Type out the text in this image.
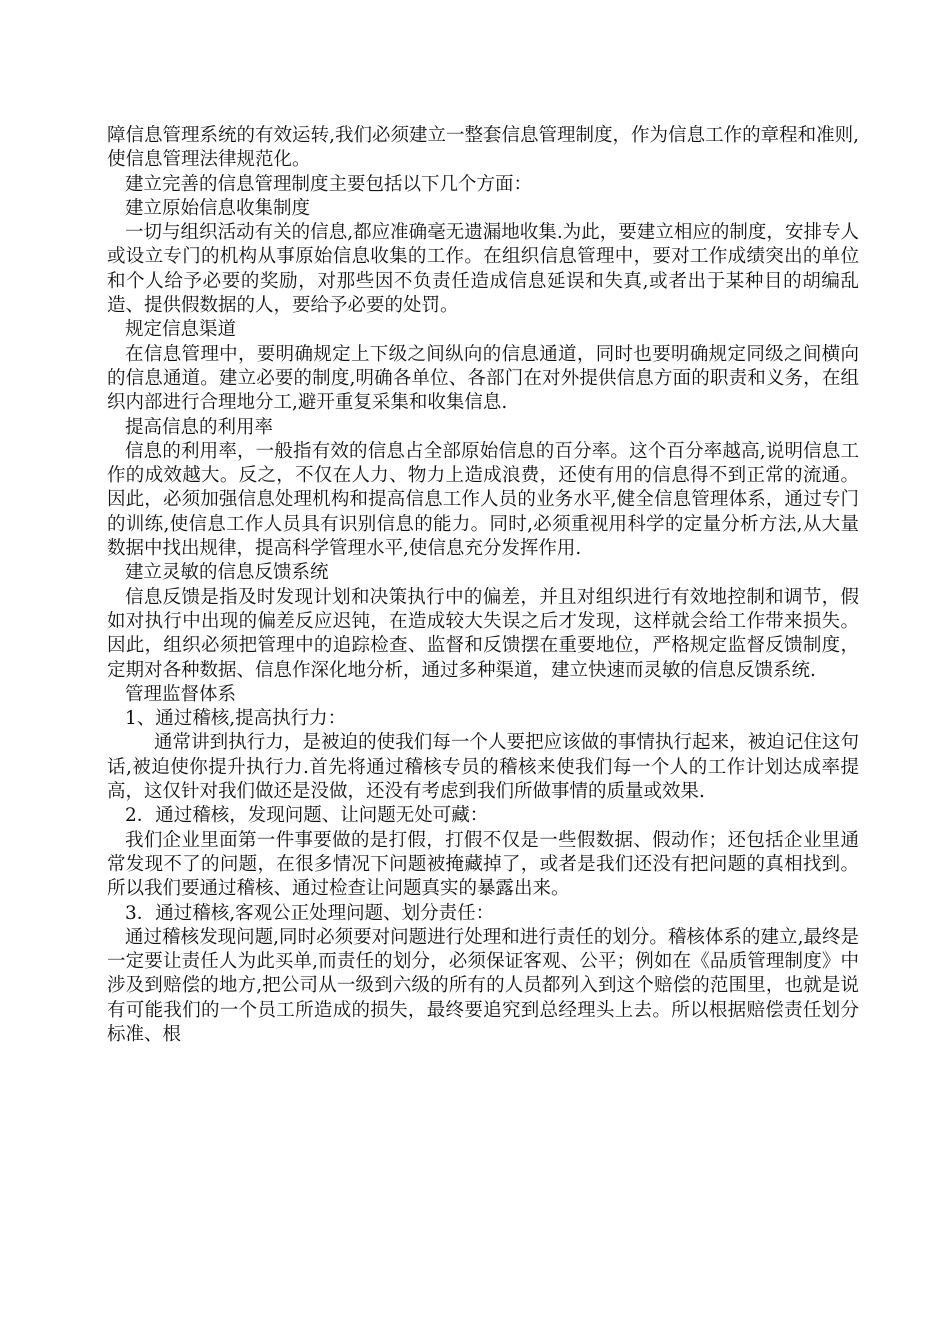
障信息管理系统的有效运转,我们必须建立一整套信息管理制度，作为信息工作的章程和准则,使信息管理法律规范化。

建立完善的信息管理制度主要包括以下几个方面：

建立原始信息收集制度

一切与组织活动有关的信息,都应准确毫无遗漏地收集.为此，要建立相应的制度，安排专人或设立专门的机构从事原始信息收集的工作。在组织信息管理中，要对工作成绩突出的单位和个人给予必要的奖励，对那些因不负责任造成信息延误和失真,或者出于某种目的胡编乱造、提供假数据的人，要给予必要的处罚。

规定信息渠道

在信息管理中，要明确规定上下级之间纵向的信息通道，同时也要明确规定同级之间横向的信息通道。建立必要的制度,明确各单位、各部门在对外提供信息方面的职责和义务，在组织内部进行合理地分工,避开重复采集和收集信息.

提高信息的利用率

信息的利用率，一般指有效的信息占全部原始信息的百分率。这个百分率越高,说明信息工作的成效越大。反之，不仅在人力、物力上造成浪费，还使有用的信息得不到正常的流通。因此，必须加强信息处理机构和提高信息工作人员的业务水平,健全信息管理体系，通过专门的训练,使信息工作人员具有识别信息的能力。同时,必须重视用科学的定量分析方法,从大量数据中找出规律，提高科学管理水平,使信息充分发挥作用.

建立灵敏的信息反馈系统

信息反馈是指及时发现计划和决策执行中的偏差，并且对组织进行有效地控制和调节，假如对执行中出现的偏差反应迟钝，在造成较大失误之后才发现，这样就会给工作带来损失。因此，组织必须把管理中的追踪检查、监督和反馈摆在重要地位，严格规定监督反馈制度，定期对各种数据、信息作深化地分析，通过多种渠道，建立快速而灵敏的信息反馈系统.

管理监督体系

1、通过稽核,提高执行力：

通常讲到执行力，是被迫的使我们每一个人要把应该做的事情执行起来，被迫记住这句话,被迫使你提升执行力.首先将通过稽核专员的稽核来使我们每一个人的工作计划达成率提高，这仅针对我们做还是没做，还没有考虑到我们所做事情的质量或效果.

2．通过稽核，发现问题、让问题无处可藏：

我们企业里面第一件事要做的是打假，打假不仅是一些假数据、假动作；还包括企业里通常发现不了的问题，在很多情况下问题被掩藏掉了，或者是我们还没有把问题的真相找到。所以我们要通过稽核、通过检查让问题真实的暴露出来。

3．通过稽核,客观公正处理问题、划分责任：

通过稽核发现问题,同时必须要对问题进行处理和进行责任的划分。稽核体系的建立,最终是一定要让责任人为此买单,而责任的划分，必须保证客观、公平；例如在《品质管理制度》中涉及到赔偿的地方,把公司从一级到六级的所有的人员都列入到这个赔偿的范围里，也就是说有可能我们的一个员工所造成的损失，最终要追究到总经理头上去。所以根据赔偿责任划分标准、根
